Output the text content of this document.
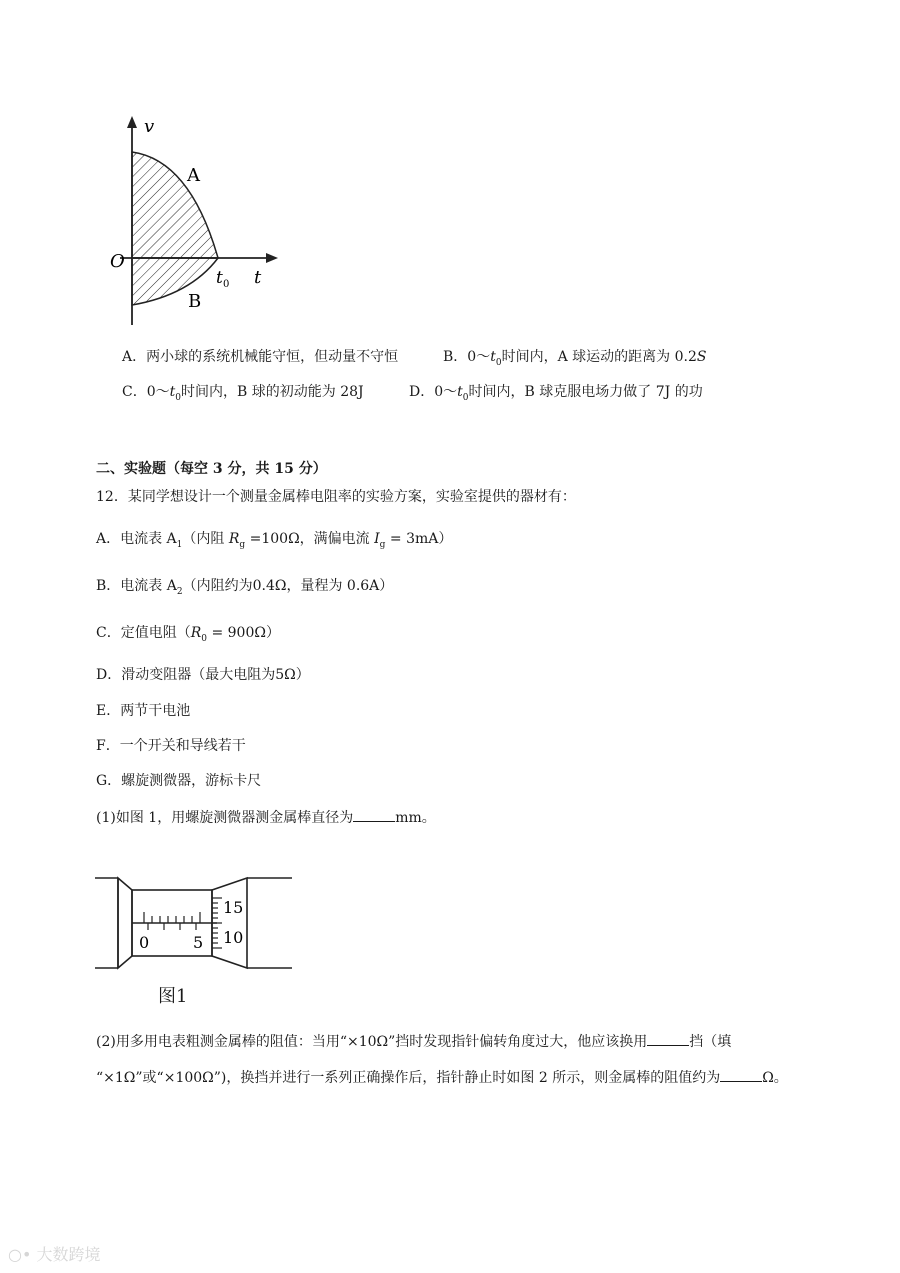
v
O
t
t 0
A
B
A．两小球的系统机械能守恒，但动量不守恒	B．$0\sim t_0$时间内，A 球运动的距离为 0.2S
C．$0\sim t_0$时间内，B 球的初动能为 28J	D．$0\sim t_0$时间内，B 球克服电场力做了 7J 的功
二、实验题（每空 3 分，共 15 分）
12．某同学想设计一个测量金属棒电阻率的实验方案，实验室提供的器材有：
A．电流表 $A_1$（内阻 $R_g =100\Omega$，满偏电流 $I_g = 3mA$）
B．电流表 $A_2$（内阻约为0.4Ω，量程为 0.6A）
C．定值电阻$(R_0 = 900\Omega)$
D．滑动变阻器（最大电阻为5Ω）
E．两节干电池
F．一个开关和导线若干
G．螺旋测微器，游标卡尺
(1)如图 1，用螺旋测微器测金属棒直径为	mm。
0	5
15
10
图1
(2)用多用电表粗测金属棒的阻值：当用“×10Ω”挡时发现指针偏转角度过大，他应该换用	挡（填
“×1Ω”或“×100Ω”)，换挡并进行一系列正确操作后，指针静止时如图 2 所示，则金属棒的阻值约为	Ω。
○• 大数跨境
